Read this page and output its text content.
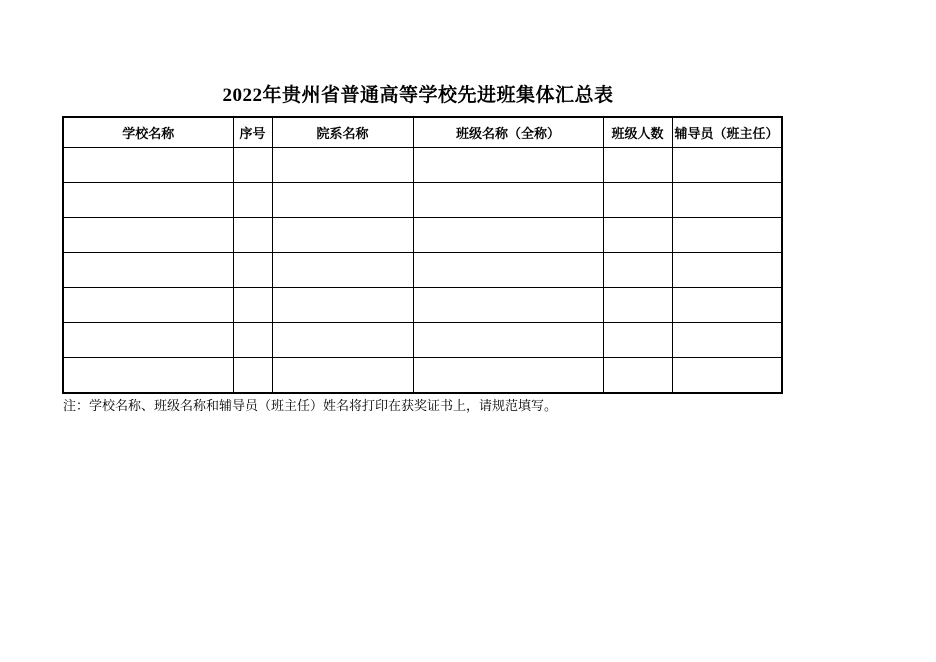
2022年贵州省普通高等学校先进班集体汇总表
学校名称	序号	院系名称	班级名称（全称）	班级人数	辅导员（班主任）

注：学校名称、班级名称和辅导员（班主任）姓名将打印在获奖证书上，请规范填写。
